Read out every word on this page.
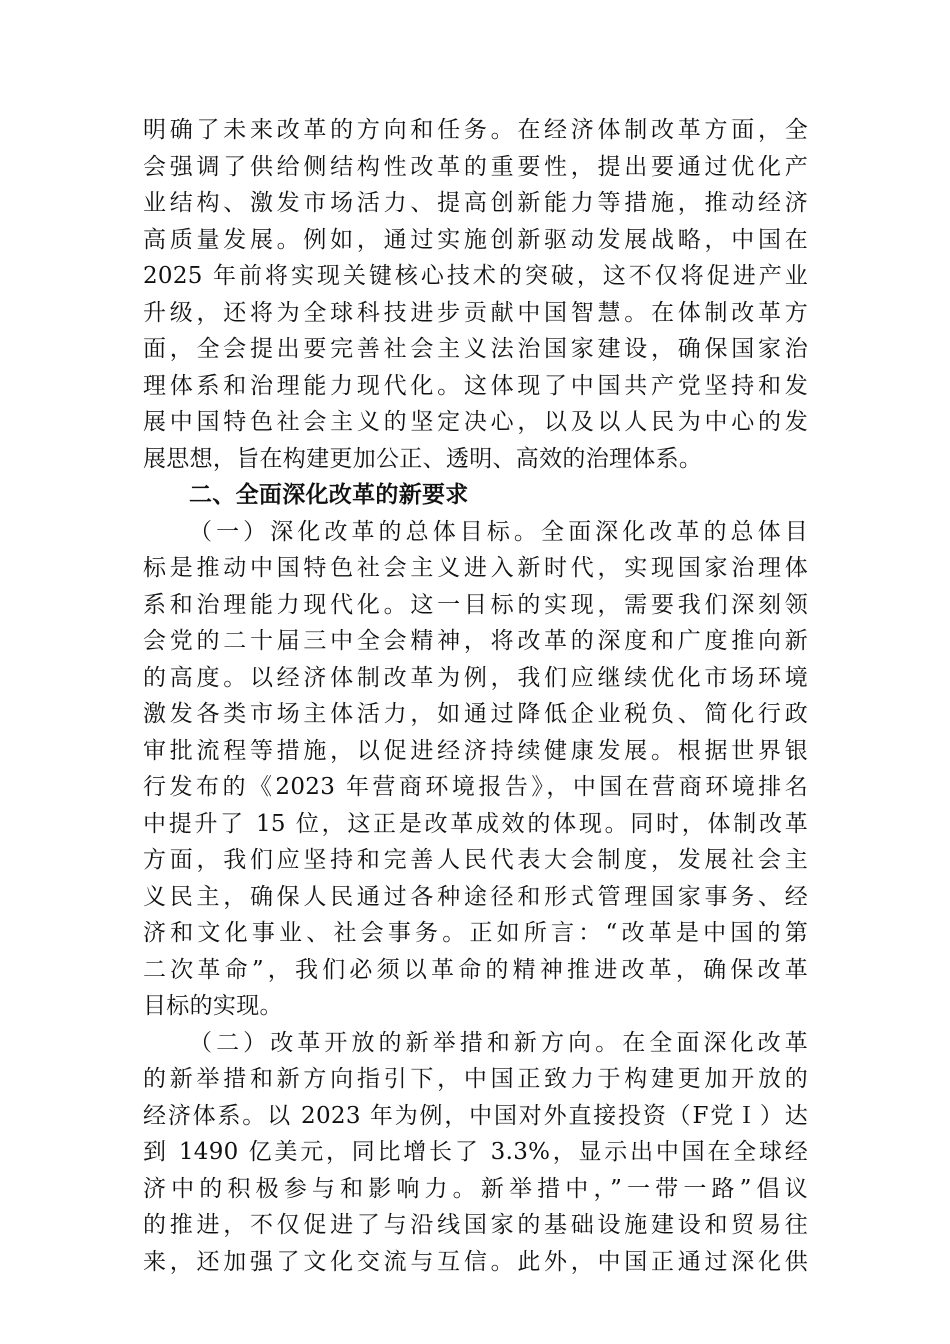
明确了未来改革的方向和任务。在经济体制改革方面，全
会强调了供给侧结构性改革的重要性，提出要通过优化产
业结构、激发市场活力、提高创新能力等措施，推动经济
高质量发展。例如，通过实施创新驱动发展战略，中国在
2025 年前将实现关键核心技术的突破，这不仅将促进产业
升级，还将为全球科技进步贡献中国智慧。在体制改革方
面，全会提出要完善社会主义法治国家建设，确保国家治
理体系和治理能力现代化。这体现了中国共产党坚持和发
展中国特色社会主义的坚定决心，以及以人民为中心的发
展思想，旨在构建更加公正、透明、高效的治理体系。
二、全面深化改革的新要求
（一）深化改革的总体目标。全面深化改革的总体目
标是推动中国特色社会主义进入新时代，实现国家治理体
系和治理能力现代化。这一目标的实现，需要我们深刻领
会党的二十届三中全会精神，将改革的深度和广度推向新
的高度。以经济体制改革为例，我们应继续优化市场环境
激发各类市场主体活力，如通过降低企业税负、简化行政
审批流程等措施，以促进经济持续健康发展。根据世界银
行发布的《2023 年营商环境报告》，中国在营商环境排名
中提升了 15 位，这正是改革成效的体现。同时，体制改革
方面，我们应坚持和完善人民代表大会制度，发展社会主
义民主，确保人民通过各种途径和形式管理国家事务、经
济和文化事业、社会事务。正如所言：“改革是中国的第
二次革命”，我们必须以革命的精神推进改革，确保改革
目标的实现。
（二）改革开放的新举措和新方向。在全面深化改革
的新举措和新方向指引下，中国正致力于构建更加开放的
经济体系。以 2023 年为例，中国对外直接投资（F党Ｉ）达
到 1490 亿美元，同比增长了 3.3%，显示出中国在全球经
济中的积极参与和影响力。新举措中，”一带一路”倡议
的推进，不仅促进了与沿线国家的基础设施建设和贸易往
来，还加强了文化交流与互信。此外，中国正通过深化供
